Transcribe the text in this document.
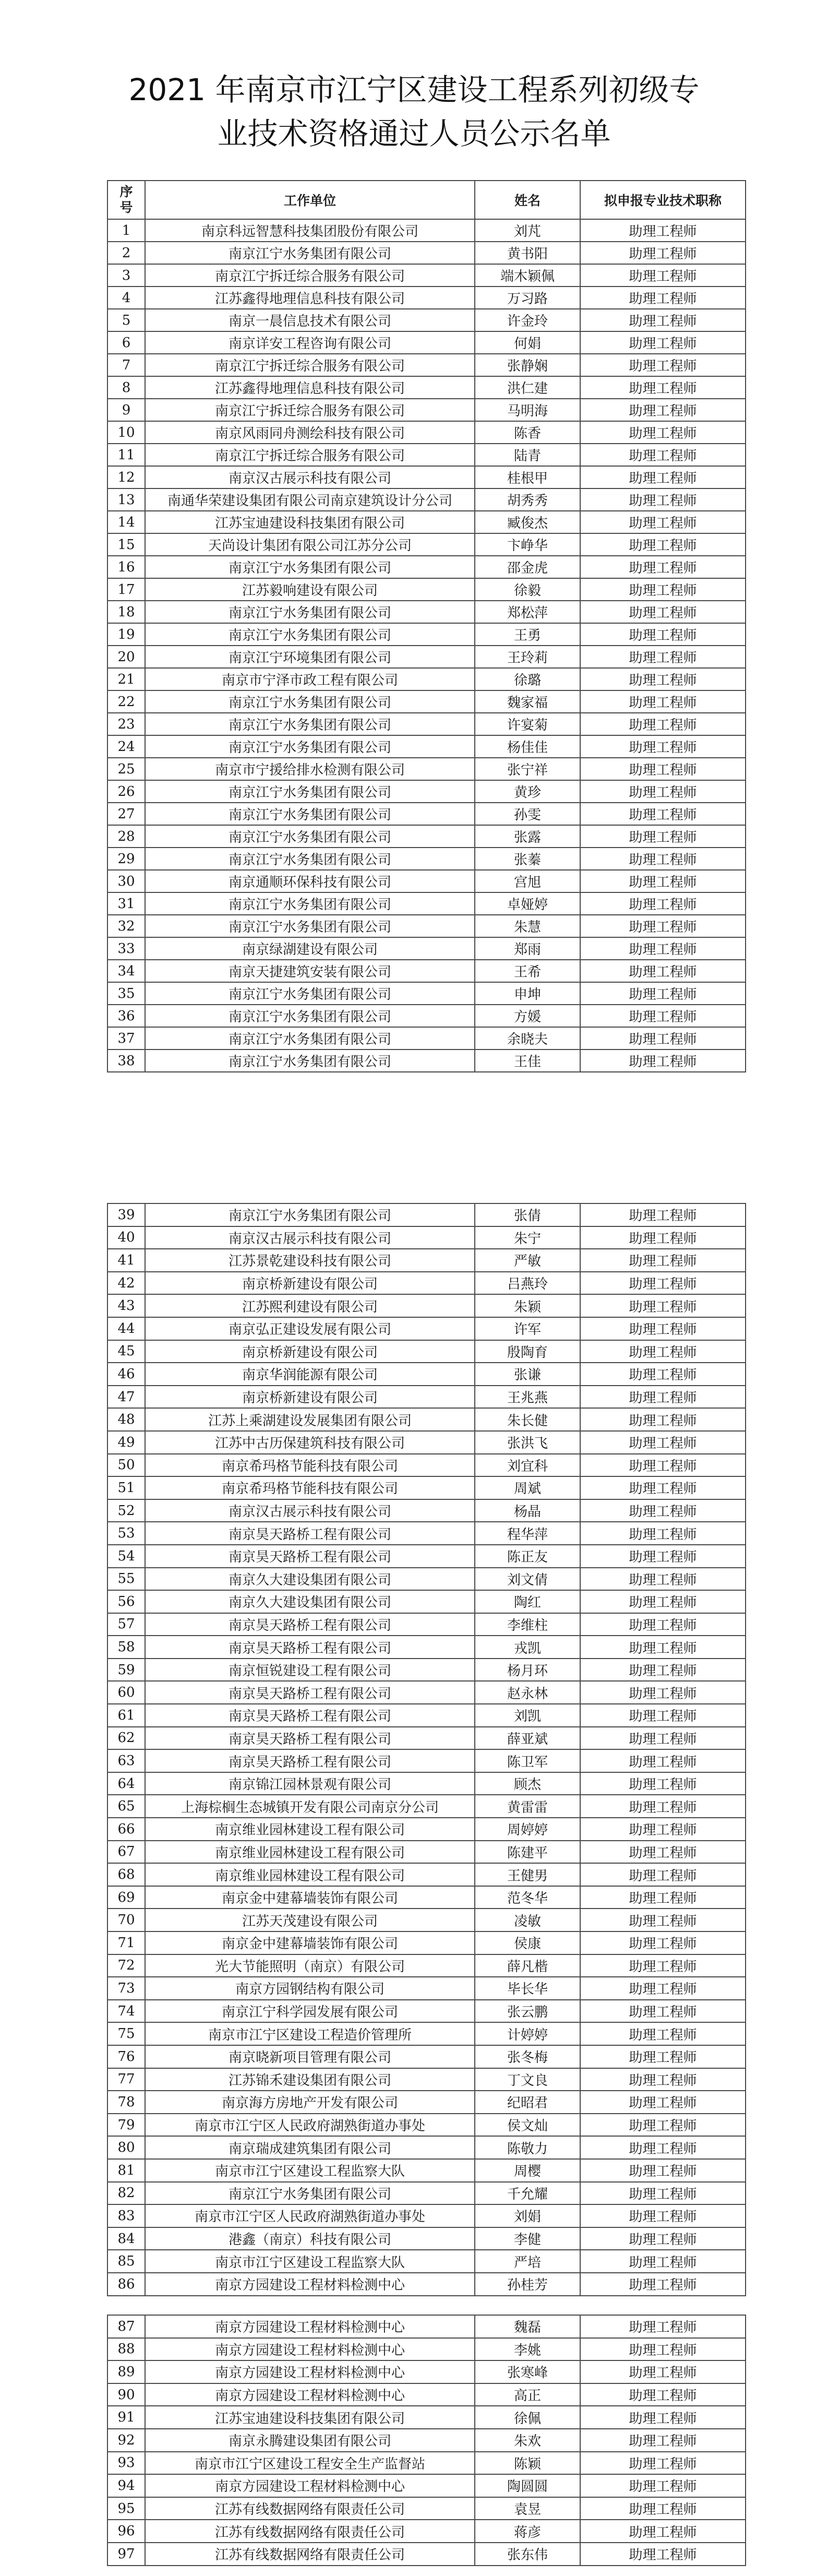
2021 年南京市江宁区建设工程系列初级专
业技术资格通过人员公示名单
序
号	工作单位	姓名	拟申报专业技术职称
1	南京科远智慧科技集团股份有限公司	刘芃	助理工程师
2	南京江宁水务集团有限公司	黄书阳	助理工程师
3	南京江宁拆迁综合服务有限公司	端木颖佩	助理工程师
4	江苏鑫得地理信息科技有限公司	万习路	助理工程师
5	南京一晨信息技术有限公司	许金玲	助理工程师
6	南京详安工程咨询有限公司	何娟	助理工程师
7	南京江宁拆迁综合服务有限公司	张静娴	助理工程师
8	江苏鑫得地理信息科技有限公司	洪仁建	助理工程师
9	南京江宁拆迁综合服务有限公司	马明海	助理工程师
10	南京风雨同舟测绘科技有限公司	陈香	助理工程师
11	南京江宁拆迁综合服务有限公司	陆青	助理工程师
12	南京汉古展示科技有限公司	桂根甲	助理工程师
13	南通华荣建设集团有限公司南京建筑设计分公司	胡秀秀	助理工程师
14	江苏宝迪建设科技集团有限公司	臧俊杰	助理工程师
15	天尚设计集团有限公司江苏分公司	卞峥华	助理工程师
16	南京江宁水务集团有限公司	邵金虎	助理工程师
17	江苏毅响建设有限公司	徐毅	助理工程师
18	南京江宁水务集团有限公司	郑松萍	助理工程师
19	南京江宁水务集团有限公司	王勇	助理工程师
20	南京江宁环境集团有限公司	王玲莉	助理工程师
21	南京市宁泽市政工程有限公司	徐璐	助理工程师
22	南京江宁水务集团有限公司	魏家福	助理工程师
23	南京江宁水务集团有限公司	许宴菊	助理工程师
24	南京江宁水务集团有限公司	杨佳佳	助理工程师
25	南京市宁援给排水检测有限公司	张宁祥	助理工程师
26	南京江宁水务集团有限公司	黄珍	助理工程师
27	南京江宁水务集团有限公司	孙雯	助理工程师
28	南京江宁水务集团有限公司	张露	助理工程师
29	南京江宁水务集团有限公司	张蓁	助理工程师
30	南京通顺环保科技有限公司	宫旭	助理工程师
31	南京江宁水务集团有限公司	卓娅婷	助理工程师
32	南京江宁水务集团有限公司	朱慧	助理工程师
33	南京绿湖建设有限公司	郑雨	助理工程师
34	南京天捷建筑安装有限公司	王希	助理工程师
35	南京江宁水务集团有限公司	申坤	助理工程师
36	南京江宁水务集团有限公司	方媛	助理工程师
37	南京江宁水务集团有限公司	余晓夫	助理工程师
38	南京江宁水务集团有限公司	王佳	助理工程师
39	南京江宁水务集团有限公司	张倩	助理工程师
40	南京汉古展示科技有限公司	朱宁	助理工程师
41	江苏景乾建设科技有限公司	严敏	助理工程师
42	南京桥新建设有限公司	吕燕玲	助理工程师
43	江苏熙利建设有限公司	朱颖	助理工程师
44	南京弘正建设发展有限公司	许军	助理工程师
45	南京桥新建设有限公司	殷陶育	助理工程师
46	南京华润能源有限公司	张谦	助理工程师
47	南京桥新建设有限公司	王兆燕	助理工程师
48	江苏上乘湖建设发展集团有限公司	朱长健	助理工程师
49	江苏中古历保建筑科技有限公司	张洪飞	助理工程师
50	南京希玛格节能科技有限公司	刘宜科	助理工程师
51	南京希玛格节能科技有限公司	周斌	助理工程师
52	南京汉古展示科技有限公司	杨晶	助理工程师
53	南京昊天路桥工程有限公司	程华萍	助理工程师
54	南京昊天路桥工程有限公司	陈正友	助理工程师
55	南京久大建设集团有限公司	刘文倩	助理工程师
56	南京久大建设集团有限公司	陶红	助理工程师
57	南京昊天路桥工程有限公司	李维柱	助理工程师
58	南京昊天路桥工程有限公司	戎凯	助理工程师
59	南京恒锐建设工程有限公司	杨月环	助理工程师
60	南京昊天路桥工程有限公司	赵永林	助理工程师
61	南京昊天路桥工程有限公司	刘凯	助理工程师
62	南京昊天路桥工程有限公司	薛亚斌	助理工程师
63	南京昊天路桥工程有限公司	陈卫军	助理工程师
64	南京锦江园林景观有限公司	顾杰	助理工程师
65	上海棕榈生态城镇开发有限公司南京分公司	黄雷雷	助理工程师
66	南京维业园林建设工程有限公司	周婷婷	助理工程师
67	南京维业园林建设工程有限公司	陈建平	助理工程师
68	南京维业园林建设工程有限公司	王健男	助理工程师
69	南京金中建幕墙装饰有限公司	范冬华	助理工程师
70	江苏天茂建设有限公司	凌敏	助理工程师
71	南京金中建幕墙装饰有限公司	侯康	助理工程师
72	光大节能照明（南京）有限公司	薛凡楷	助理工程师
73	南京方园钢结构有限公司	毕长华	助理工程师
74	南京江宁科学园发展有限公司	张云鹏	助理工程师
75	南京市江宁区建设工程造价管理所	计婷婷	助理工程师
76	南京晓新项目管理有限公司	张冬梅	助理工程师
77	江苏锦禾建设集团有限公司	丁文良	助理工程师
78	南京海方房地产开发有限公司	纪昭君	助理工程师
79	南京市江宁区人民政府湖熟街道办事处	侯文灿	助理工程师
80	南京瑞成建筑集团有限公司	陈敬力	助理工程师
81	南京市江宁区建设工程监察大队	周樱	助理工程师
82	南京江宁水务集团有限公司	千允耀	助理工程师
83	南京市江宁区人民政府湖熟街道办事处	刘娟	助理工程师
84	港鑫（南京）科技有限公司	李健	助理工程师
85	南京市江宁区建设工程监察大队	严培	助理工程师
86	南京方园建设工程材料检测中心	孙桂芳	助理工程师
87	南京方园建设工程材料检测中心	魏磊	助理工程师
88	南京方园建设工程材料检测中心	李姚	助理工程师
89	南京方园建设工程材料检测中心	张寒峰	助理工程师
90	南京方园建设工程材料检测中心	高正	助理工程师
91	江苏宝迪建设科技集团有限公司	徐佩	助理工程师
92	南京永腾建设集团有限公司	朱欢	助理工程师
93	南京市江宁区建设工程安全生产监督站	陈颖	助理工程师
94	南京方园建设工程材料检测中心	陶圆圆	助理工程师
95	江苏有线数据网络有限责任公司	袁昱	助理工程师
96	江苏有线数据网络有限责任公司	蒋彦	助理工程师
97	江苏有线数据网络有限责任公司	张东伟	助理工程师
